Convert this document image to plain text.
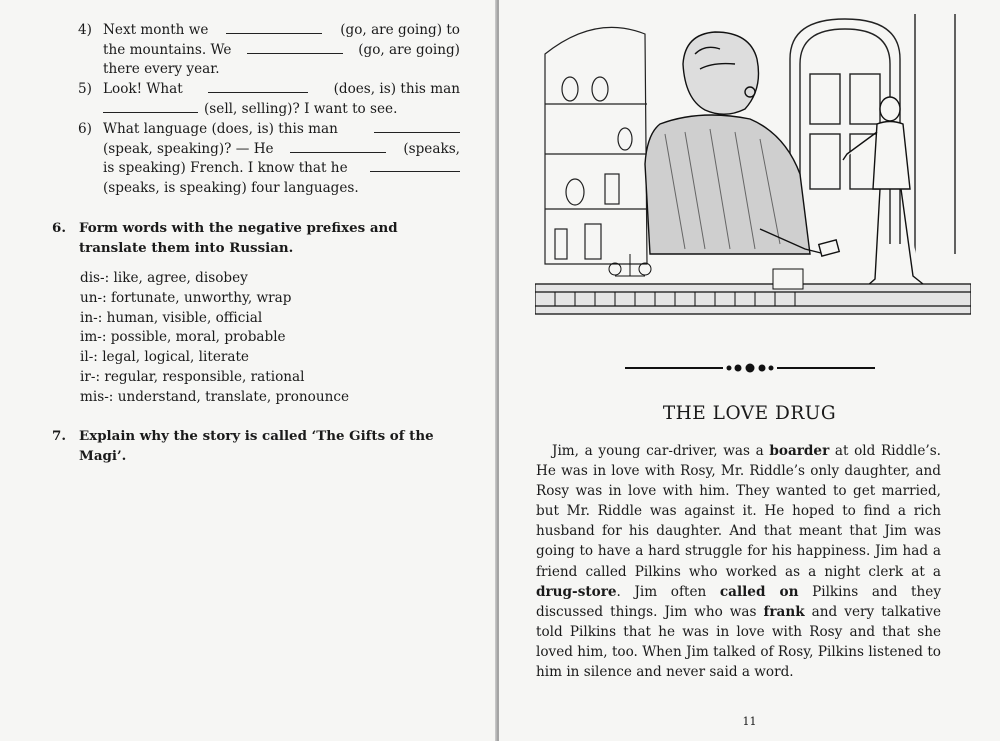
4) Next month we	(go, are going) to
the mountains. We	(go, are going)
there every year.
5) Look! What	(does, is) this man
(sell, selling)? I want to see.
6) What language (does, is) this man
(speak, speaking)? — He	(speaks,
is speaking) French. I know that he
(speaks, is speaking) four languages.
6. Form words with the negative prefixes and translate them into Russian.
dis-: like, agree, disobey
un-: fortunate, unworthy, wrap
in-: human, visible, official
im-: possible, moral, probable
il-: legal, logical, literate
ir-: regular, responsible, rational
mis-: understand, translate, pronounce
7. Explain why the story is called ‘The Gifts of the Magi’.
THE LOVE DRUG
Jim, a young car-driver, was a boarder at old Riddle’s. He was in love with Rosy, Mr. Riddle’s only daughter, and Rosy was in love with him. They wanted to get married, but Mr. Riddle was against it. He hoped to find a rich husband for his daughter. And that meant that Jim was going to have a hard struggle for his happiness. Jim had a friend called Pilkins who worked as a night clerk at a drug-store. Jim often called on Pilkins and they discussed things. Jim who was frank and very talkative told Pilkins that he was in love with Rosy and that she loved him, too. When Jim talked of Rosy, Pilkins listened to him in silence and never said a word.
11
